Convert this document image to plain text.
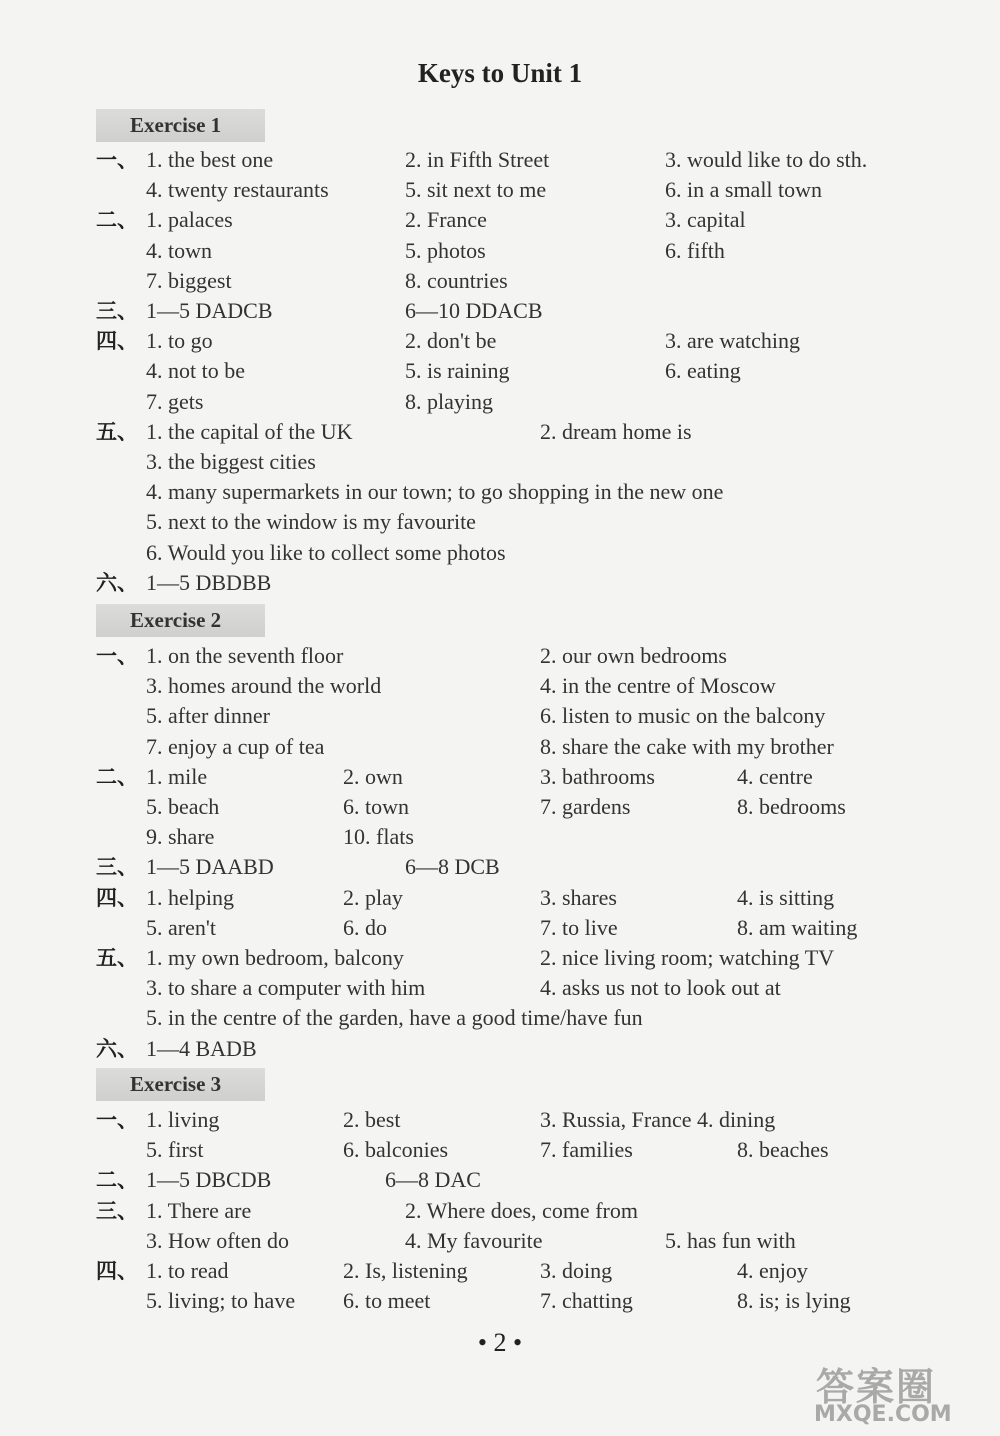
Keys to Unit 1
Exercise 1
一、 1. the best one	2. in Fifth Street	3. would like to do sth.
4. twenty restaurants	5. sit next to me	6. in a small town
二、 1. palaces	2. France	3. capital
4. town	5. photos	6. fifth
7. biggest	8. countries
三、 1—5 DADCB	6—10 DDACB
四、 1. to go	2. don't be	3. are watching
4. not to be	5. is raining	6. eating
7. gets	8. playing
五、 1. the capital of the UK	2. dream home is
3. the biggest cities
4. many supermarkets in our town; to go shopping in the new one
5. next to the window is my favourite
6. Would you like to collect some photos
六、 1—5 DBDBB
Exercise 2
一、 1. on the seventh floor	2. our own bedrooms
3. homes around the world	4. in the centre of Moscow
5. after dinner	6. listen to music on the balcony
7. enjoy a cup of tea	8. share the cake with my brother
二、 1. mile	2. own	3. bathrooms	4. centre
5. beach	6. town	7. gardens	8. bedrooms
9. share	10. flats
三、 1—5 DAABD	6—8 DCB
四、 1. helping	2. play	3. shares	4. is sitting
5. aren't	6. do	7. to live	8. am waiting
五、 1. my own bedroom, balcony	2. nice living room; watching TV
3. to share a computer with him	4. asks us not to look out at
5. in the centre of the garden, have a good time/have fun
六、 1—4 BADB
Exercise 3
一、 1. living	2. best	3. Russia, France 4. dining
5. first	6. balconies	7. families	8. beaches
二、 1—5 DBCDB	6—8 DAC
三、 1. There are	2. Where does, come from
3. How often do	4. My favourite	5. has fun with
四、 1. to read	2. Is, listening	3. doing	4. enjoy
5. living; to have 6. to meet	7. chatting	8. is; is lying
• 2 •
答案圈
MXQE.COM
